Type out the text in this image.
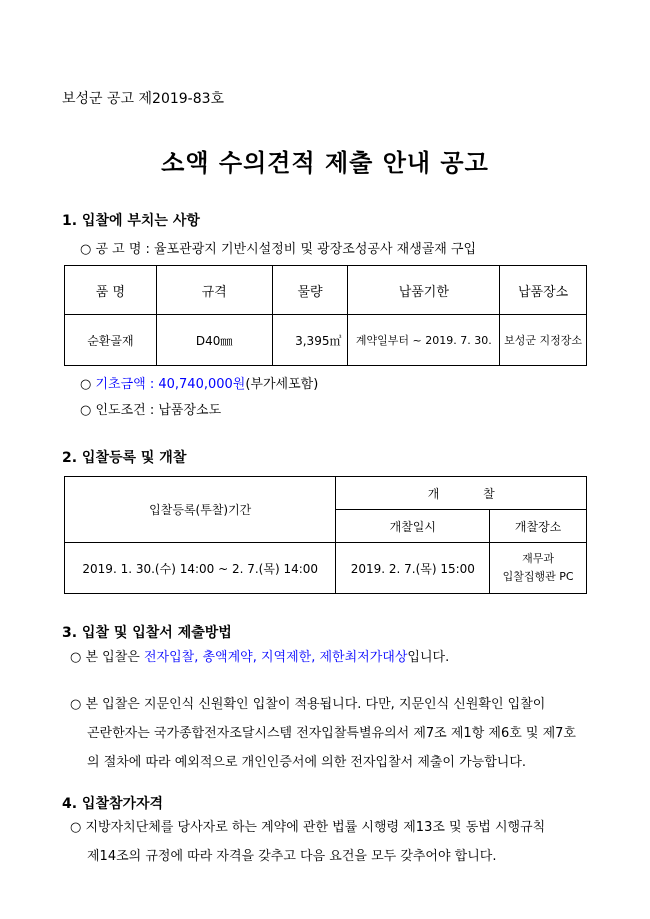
보성군 공고 제2019-83호
소액 수의견적 제출 안내 공고
1. 입찰에 부치는 사항
○ 공 고 명 : 율포관광지 기반시설정비 및 광장조성공사 재생골재 구입
품 명	규격	물량	납품기한	납품장소
순환골재	D40㎜	3,395㎥	계약일부터 ~ 2019. 7. 30.	보성군 지정장소
○ 기초금액 : 40,740,000원(부가세포함)
○ 인도조건 : 납품장소도
2. 입찰등록 및 개찰
입찰등록(투찰)기간	개 찰	
	개찰일시	개찰장소
2019. 1. 30.(수) 14:00 ~ 2. 7.(목) 14:00	2019. 2. 7.(목) 15:00	재무과
입찰집행관 PC
3. 입찰 및 입찰서 제출방법
○ 본 입찰은 전자입찰, 총액계약, 지역제한, 제한최저가대상입니다.
○ 본 입찰은 지문인식 신원확인 입찰이 적용됩니다. 다만, 지문인식 신원확인 입찰이
곤란한자는 국가종합전자조달시스템 전자입찰특별유의서 제7조 제1항 제6호 및 제7호
의 절차에 따라 예외적으로 개인인증서에 의한 전자입찰서 제출이 가능합니다.
4. 입찰참가자격
○ 지방자치단체를 당사자로 하는 계약에 관한 법률 시행령 제13조 및 동법 시행규칙
제14조의 규정에 따라 자격을 갖추고 다음 요건을 모두 갖추어야 합니다.
